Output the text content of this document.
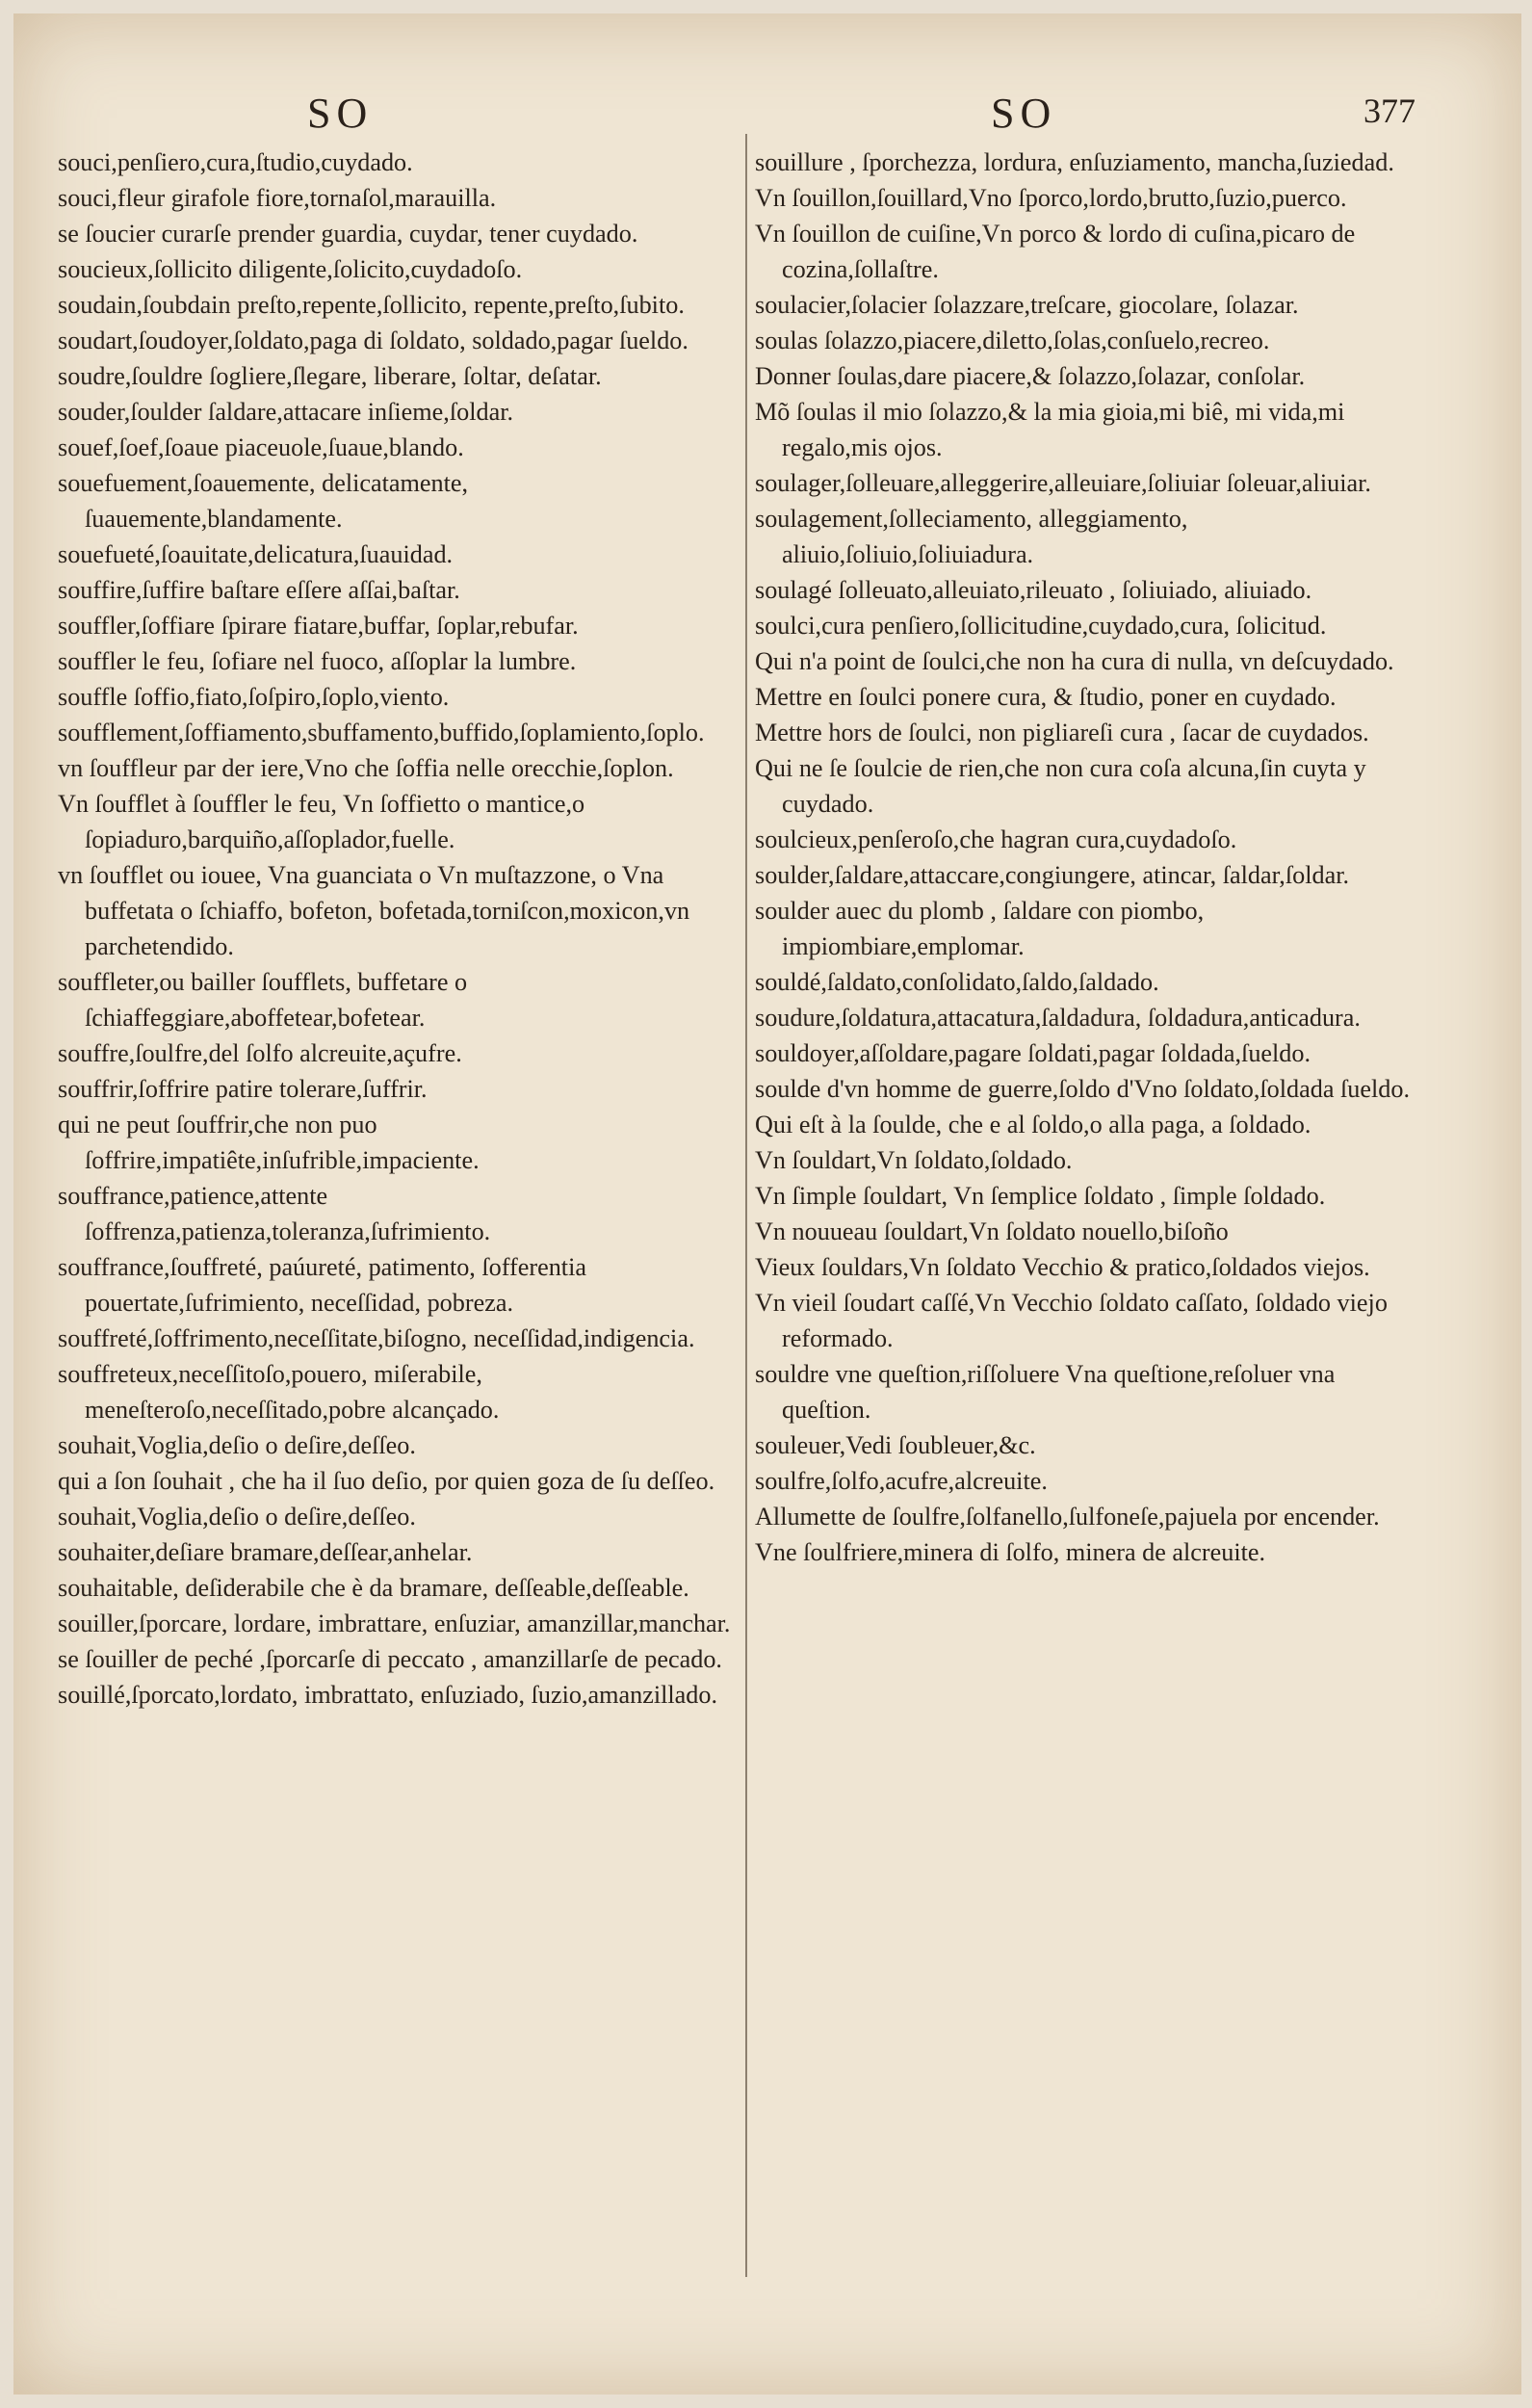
SO	SO	377

souci,penſiero,cura,ſtudio,cuydado.

souci,fleur girafole fiore,tornaſol,marauilla.

se ſoucier curarſe prender guardia, cuydar, tener cuydado.

soucieux,ſollicito diligente,ſolicito,cuydadoſo.

soudain,ſoubdain preſto,repente,ſollicito, repente,preſto,ſubito.

soudart,ſoudoyer,ſoldato,paga di ſoldato, soldado,pagar ſueldo.

soudre,ſouldre ſogliere,ſlegare, liberare, ſoltar, deſatar.

souder,ſoulder ſaldare,attacare inſieme,ſoldar.

souef,ſoef,ſoaue piaceuole,ſuaue,blando.

souefuement,ſoauemente, delicatamente, ſuauemente,blandamente.

souefueté,ſoauitate,delicatura,ſuauidad.

souffire,ſuffire baſtare eſſere aſſai,baſtar.

souffler,ſoffiare ſpirare fiatare,buffar, ſoplar,rebufar.

souffler le feu, ſofiare nel fuoco, aſſoplar la lumbre.

souffle ſoffio,fiato,ſoſpiro,ſoplo,viento.

soufflement,ſoffiamento,sbuffamento,buffido,ſoplamiento,ſoplo.

vn ſouffleur par der iere,Vno che ſoffia nelle orecchie,ſoplon.

Vn ſoufflet à ſouffler le feu, Vn ſoffietto o mantice,o ſopiaduro,barquiño,aſſoplador,fuelle.

vn ſoufflet ou iouee, Vna guanciata o Vn muſtazzone, o Vna buffetata o ſchiaffo, bofeton, bofetada,torniſcon,moxicon,vn parchetendido.

souffleter,ou bailler ſoufflets, buffetare o ſchiaffeggiare,aboffetear,bofetear.

souffre,ſoulfre,del ſolfo alcreuite,açufre.

souffrir,ſoffrire patire tolerare,ſuffrir.

qui ne peut ſouffrir,che non puo ſoffrire,impatiête,inſufrible,impaciente.

souffrance,patience,attente ſoffrenza,patienza,toleranza,ſufrimiento.

souffrance,ſouffreté, paúureté, patimento, ſofferentia pouertate,ſufrimiento, neceſſidad, pobreza.

souffreté,ſoffrimento,neceſſitate,biſogno, neceſſidad,indigencia.

souffreteux,neceſſitoſo,pouero, miſerabile, meneſteroſo,neceſſitado,pobre alcançado.

souhait,Voglia,deſio o deſire,deſſeo.

qui a ſon ſouhait , che ha il ſuo deſio, por quien goza de ſu deſſeo.

souhait,Voglia,deſio o deſire,deſſeo.

souhaiter,deſiare bramare,deſſear,anhelar.

souhaitable, deſiderabile che è da bramare, deſſeable,deſſeable.

souiller,ſporcare, lordare, imbrattare, enſuziar, amanzillar,manchar.

se ſouiller de peché ,ſporcarſe di peccato , amanzillarſe de pecado.

souillé,ſporcato,lordato, imbrattato, enſuziado, ſuzio,amanzillado.

souillure , ſporchezza, lordura, enſuziamento, mancha,ſuziedad.

Vn ſouillon,ſouillard,Vno ſporco,lordo,brutto,ſuzio,puerco.

Vn ſouillon de cuiſine,Vn porco & lordo di cuſina,picaro de cozina,ſollaſtre.

soulacier,ſolacier ſolazzare,treſcare, giocolare, ſolazar.

soulas ſolazzo,piacere,diletto,ſolas,conſuelo,recreo.

Donner ſoulas,dare piacere,& ſolazzo,ſolazar, conſolar.

Mõ ſoulas il mio ſolazzo,& la mia gioia,mi biê, mi vida,mi regalo,mis ojos.

soulager,ſolleuare,alleggerire,alleuiare,ſoliuiar ſoleuar,aliuiar.

soulagement,ſolleciamento, alleggiamento, aliuio,ſoliuio,ſoliuiadura.

soulagé ſolleuato,alleuiato,rileuato , ſoliuiado, aliuiado.

soulci,cura penſiero,ſollicitudine,cuydado,cura, ſolicitud.

Qui n'a point de ſoulci,che non ha cura di nulla, vn deſcuydado.

Mettre en ſoulci ponere cura, & ſtudio, poner en cuydado.

Mettre hors de ſoulci, non pigliareſi cura , ſacar de cuydados.

Qui ne ſe ſoulcie de rien,che non cura coſa alcuna,ſin cuyta y cuydado.

soulcieux,penſeroſo,che hagran cura,cuydadoſo.

soulder,ſaldare,attaccare,congiungere, atincar, ſaldar,ſoldar.

soulder auec du plomb , ſaldare con piombo, impiombiare,emplomar.

souldé,ſaldato,conſolidato,ſaldo,ſaldado.

soudure,ſoldatura,attacatura,ſaldadura, ſoldadura,anticadura.

souldoyer,aſſoldare,pagare ſoldati,pagar ſoldada,ſueldo.

soulde d'vn homme de guerre,ſoldo d'Vno ſoldato,ſoldada ſueldo.

Qui eſt à la ſoulde, che e al ſoldo,o alla paga, a ſoldado.

Vn ſouldart,Vn ſoldato,ſoldado.

Vn ſimple ſouldart, Vn ſemplice ſoldato , ſimple ſoldado.

Vn nouueau ſouldart,Vn ſoldato nouello,biſoño

Vieux ſouldars,Vn ſoldato Vecchio & pratico,ſoldados viejos.

Vn vieil ſoudart caſſé,Vn Vecchio ſoldato caſſato, ſoldado viejo reformado.

souldre vne queſtion,riſſoluere Vna queſtione,reſoluer vna queſtion.

souleuer,Vedi ſoubleuer,&c.

soulfre,ſolfo,acufre,alcreuite.

Allumette de ſoulfre,ſolfanello,ſulfoneſe,pajuela por encender.

Vne ſoulfriere,minera di ſolfo, minera de alcreuite.
